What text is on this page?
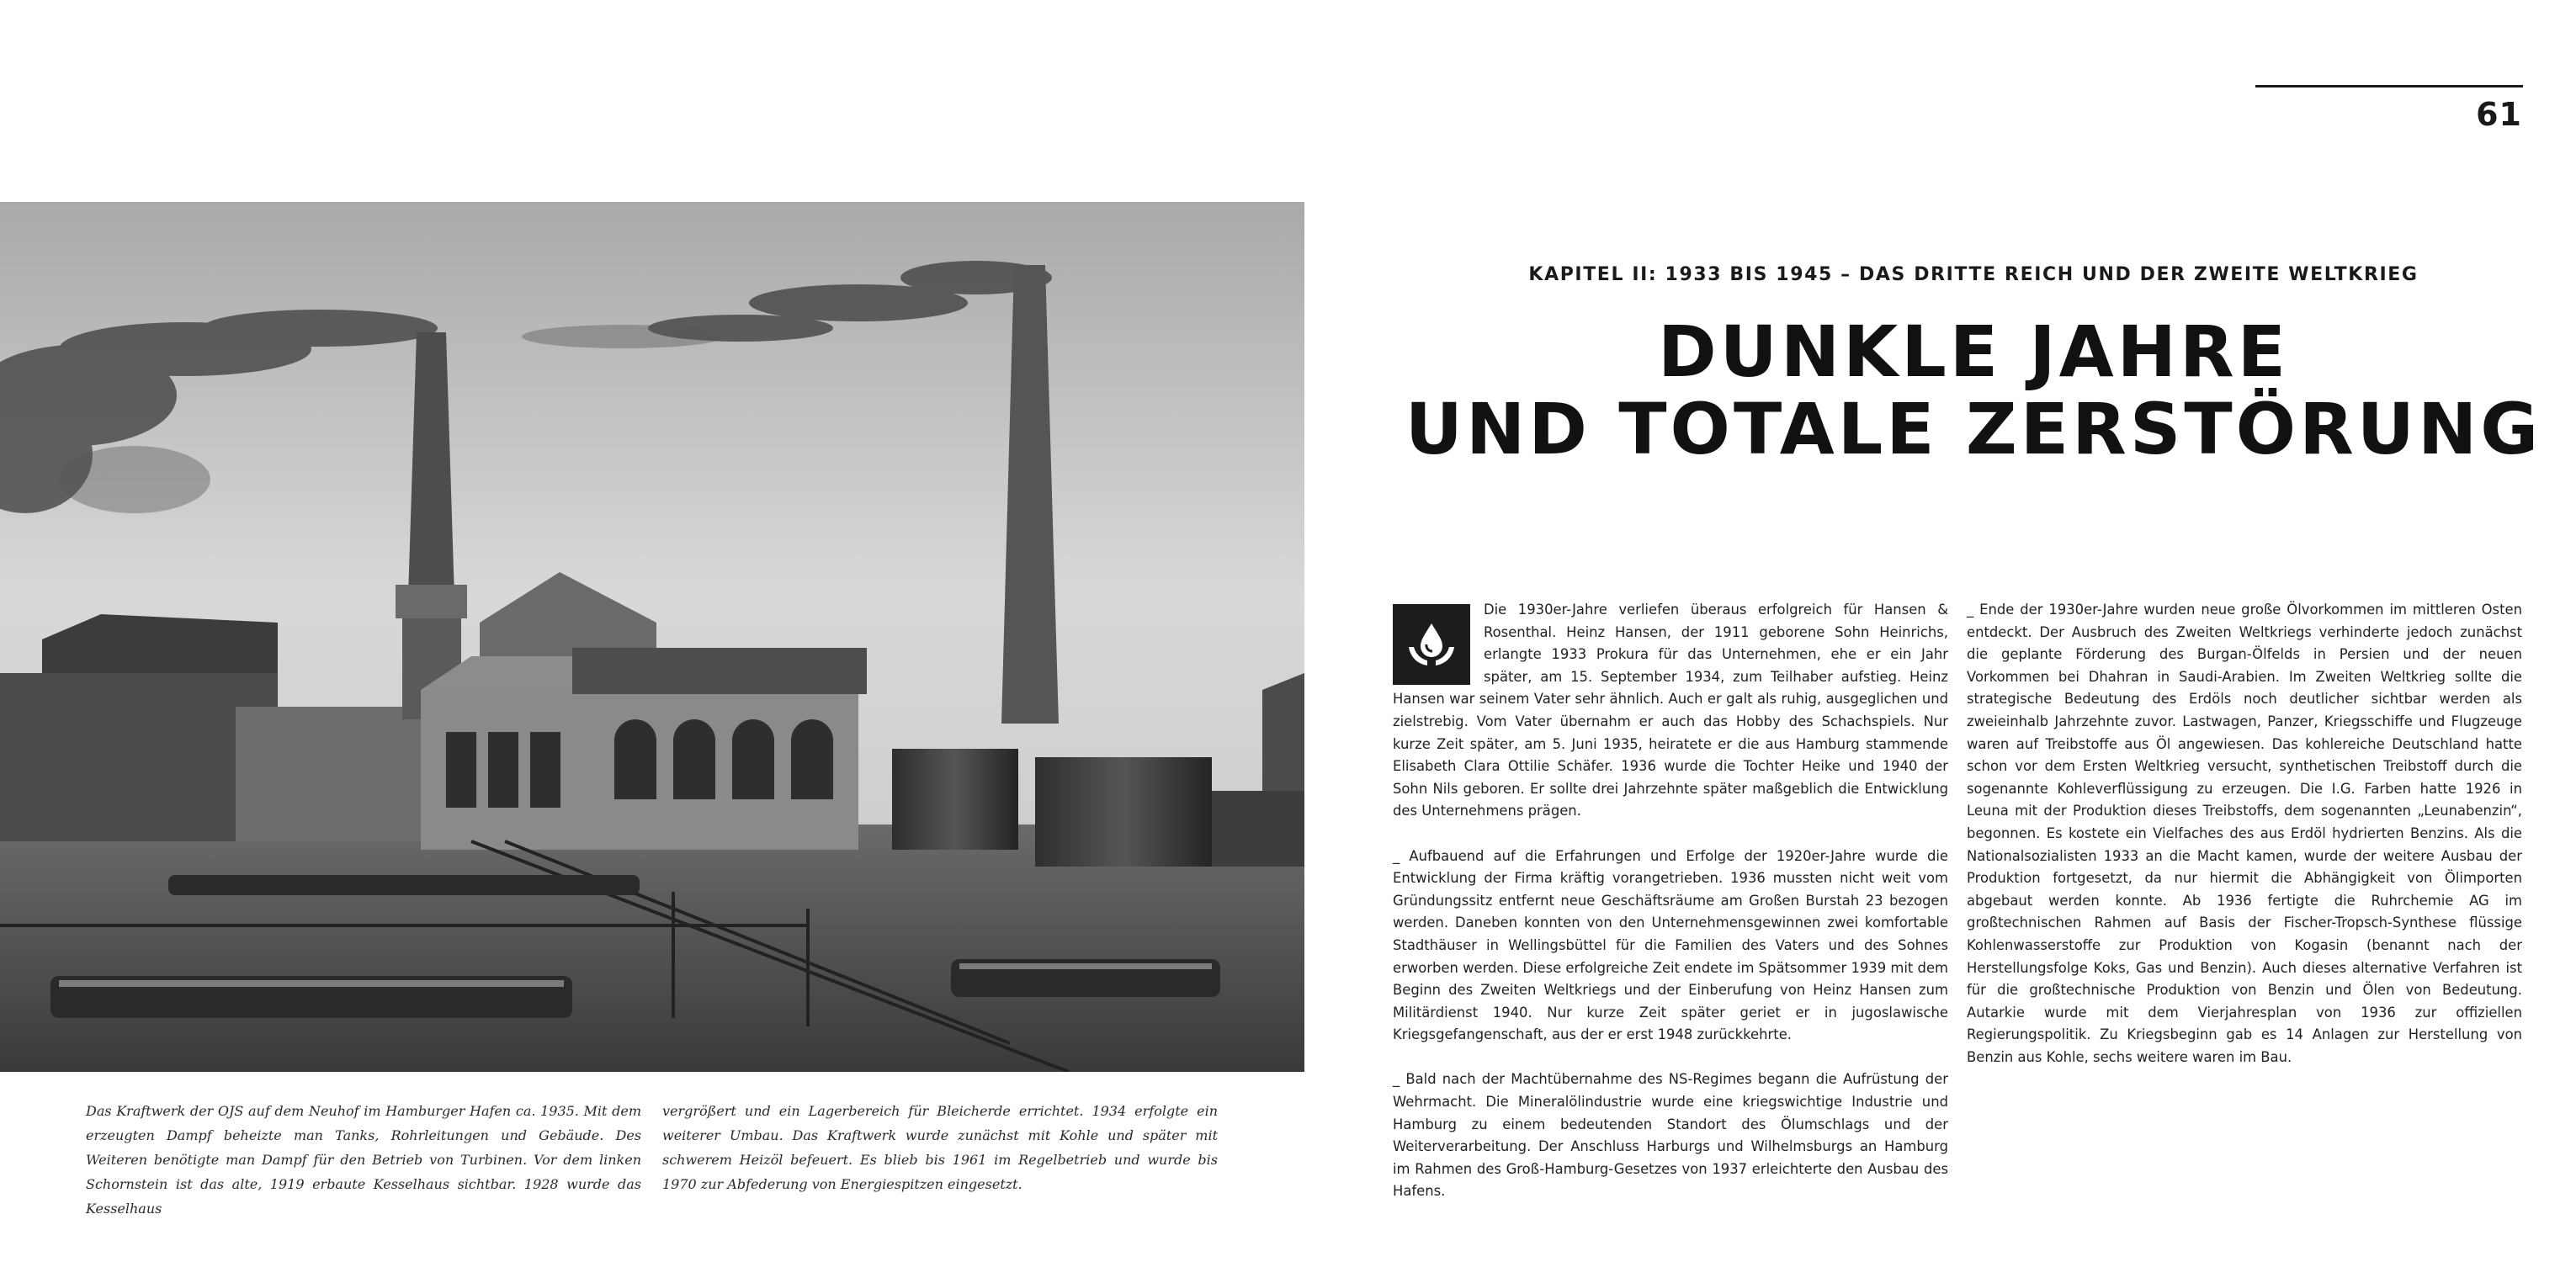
61
Das Kraftwerk der OJS auf dem Neuhof im Hamburger Hafen ca. 1935. Mit dem erzeugten Dampf beheizte man Tanks, Rohrleitungen und Gebäude. Des Weiteren benötigte man Dampf für den Betrieb von Turbinen. Vor dem linken Schornstein ist das alte, 1919 erbaute Kesselhaus sichtbar. 1928 wurde das Kesselhaus
vergrößert und ein Lagerbereich für Bleicherde errichtet. 1934 erfolgte ein weiterer Umbau. Das Kraftwerk wurde zunächst mit Kohle und später mit schwerem Heizöl befeuert. Es blieb bis 1961 im Regelbetrieb und wurde bis 1970 zur Abfederung von Energiespitzen eingesetzt.
KAPITEL II: 1933 BIS 1945 – DAS DRITTE REICH UND DER ZWEITE WELTKRIEG
DUNKLE JAHRE
UND TOTALE ZERSTÖRUNG

Die 1930er-Jahre verliefen überaus erfolgreich für Hansen & Rosenthal. Heinz Hansen, der 1911 geborene Sohn Heinrichs, erlangte 1933 Prokura für das Unternehmen, ehe er ein Jahr später, am 15. September 1934, zum Teilhaber aufstieg. Heinz Hansen war seinem Vater sehr ähnlich. Auch er galt als ruhig, ausgeglichen und zielstrebig. Vom Vater übernahm er auch das Hobby des Schachspiels. Nur kurze Zeit später, am 5. Juni 1935, heiratete er die aus Hamburg stammende Elisabeth Clara Ottilie Schäfer. 1936 wurde die Tochter Heike und 1940 der Sohn Nils geboren. Er sollte drei Jahrzehnte später maßgeblich die Entwicklung des Unternehmens prägen.

_ Aufbauend auf die Erfahrungen und Erfolge der 1920er-Jahre wurde die Entwicklung der Firma kräftig vorangetrieben. 1936 mussten nicht weit vom Gründungssitz entfernt neue Geschäftsräume am Großen Burstah 23 bezogen werden. Daneben konnten von den Unternehmensgewinnen zwei komfortable Stadthäuser in Wellingsbüttel für die Familien des Vaters und des Sohnes erworben werden. Diese erfolgreiche Zeit endete im Spätsommer 1939 mit dem Beginn des Zweiten Weltkriegs und der Einberufung von Heinz Hansen zum Militärdienst 1940. Nur kurze Zeit später geriet er in jugoslawische Kriegsgefangenschaft, aus der er erst 1948 zurückkehrte.

_ Bald nach der Machtübernahme des NS-Regimes begann die Aufrüstung der Wehrmacht. Die Mineralölindustrie wurde eine kriegswichtige Industrie und Hamburg zu einem bedeutenden Standort des Ölumschlags und der Weiterverarbeitung. Der Anschluss Harburgs und Wilhelmsburgs an Hamburg im Rahmen des Groß-Hamburg-Gesetzes von 1937 erleichterte den Ausbau des Hafens.

_ Ende der 1930er-Jahre wurden neue große Ölvorkommen im mittleren Osten entdeckt. Der Ausbruch des Zweiten Weltkriegs verhinderte jedoch zunächst die geplante Förderung des Burgan-Ölfelds in Persien und der neuen Vorkommen bei Dhahran in Saudi-Arabien. Im Zweiten Weltkrieg sollte die strategische Bedeutung des Erdöls noch deutlicher sichtbar werden als zweieinhalb Jahrzehnte zuvor. Lastwagen, Panzer, Kriegsschiffe und Flugzeuge waren auf Treibstoffe aus Öl angewiesen. Das kohlereiche Deutschland hatte schon vor dem Ersten Weltkrieg versucht, synthetischen Treibstoff durch die sogenannte Kohleverflüssigung zu erzeugen. Die I.G. Farben hatte 1926 in Leuna mit der Produktion dieses Treibstoffs, dem sogenannten „Leunabenzin“, begonnen. Es kostete ein Vielfaches des aus Erdöl hydrierten Benzins. Als die Nationalsozialisten 1933 an die Macht kamen, wurde der weitere Ausbau der Produktion fortgesetzt, da nur hiermit die Abhängigkeit von Ölimporten abgebaut werden konnte. Ab 1936 fertigte die Ruhrchemie AG im großtechnischen Rahmen auf Basis der Fischer-Tropsch-Synthese flüssige Kohlenwasserstoffe zur Produktion von Kogasin (benannt nach der Herstellungsfolge Koks, Gas und Benzin). Auch dieses alternative Verfahren ist für die großtechnische Produktion von Benzin und Ölen von Bedeutung. Autarkie wurde mit dem Vierjahresplan von 1936 zur offiziellen Regierungspolitik. Zu Kriegsbeginn gab es 14 Anlagen zur Herstellung von Benzin aus Kohle, sechs weitere waren im Bau.
